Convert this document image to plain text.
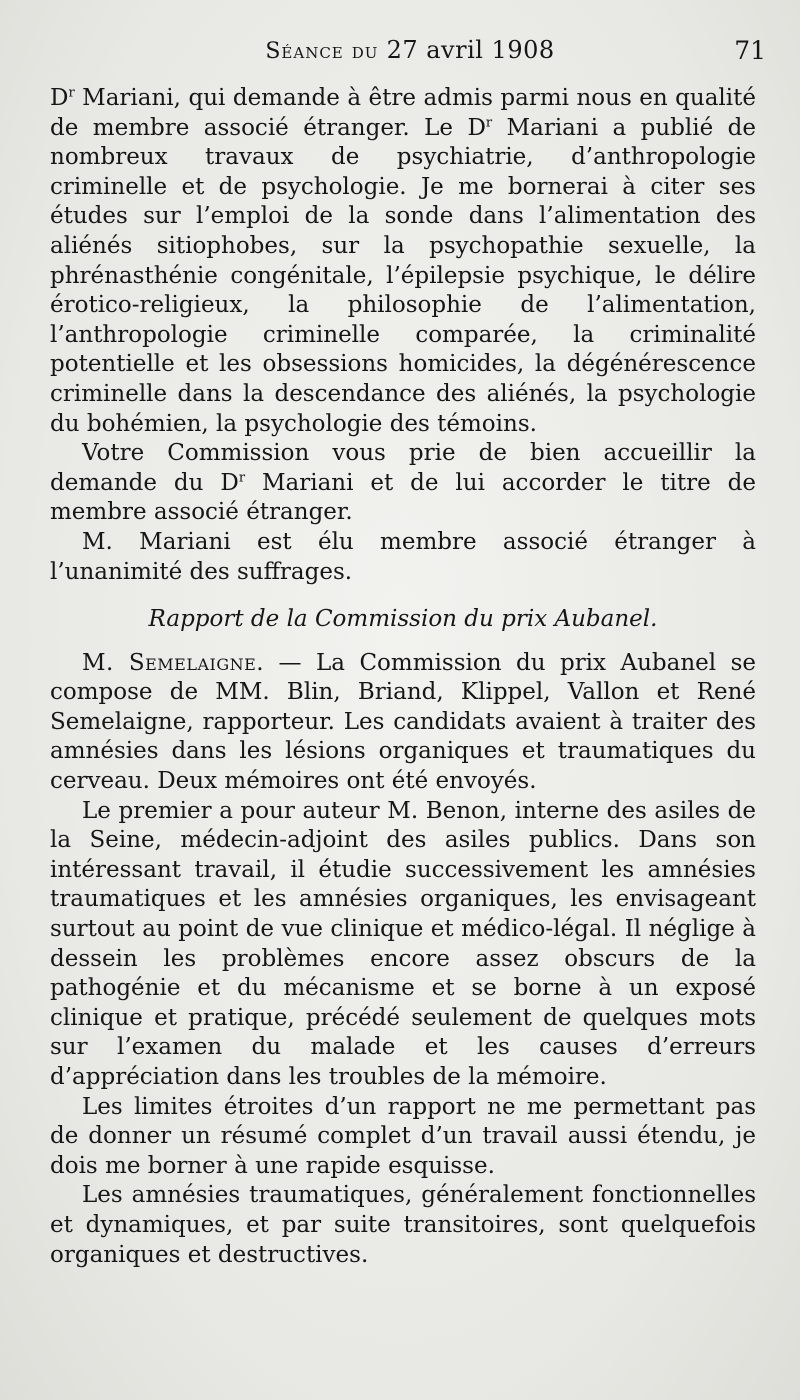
Séance du 27 avril 1908	71

$D^r$ Mariani, qui demande à être admis parmi nous en qualité de membre associé étranger. Le $D^r$ Mariani a publié de nombreux travaux de psychiatrie, d’anthropologie criminelle et de psychologie. Je me bornerai à citer ses études sur l’emploi de la sonde dans l’alimentation des aliénés sitiophobes, sur la psychopathie sexuelle, la phrénasthénie congénitale, l’épilepsie psychique, le délire érotico-religieux, la philosophie de l’alimentation, l’anthropologie criminelle comparée, la criminalité potentielle et les obsessions homicides, la dégénérescence criminelle dans la descendance des aliénés, la psychologie du bohémien, la psychologie des témoins.

Votre Commission vous prie de bien accueillir la demande du $D^r$ Mariani et de lui accorder le titre de membre associé étranger.

M. Mariani est élu membre associé étranger à l’unanimité des suffrages.

Rapport de la Commission du prix Aubanel.

M. Semelaigne. — La Commission du prix Aubanel se compose de MM. Blin, Briand, Klippel, Vallon et René Semelaigne, rapporteur. Les candidats avaient à traiter des amnésies dans les lésions organiques et traumatiques du cerveau. Deux mémoires ont été envoyés.

Le premier a pour auteur M. Benon, interne des asiles de la Seine, médecin-adjoint des asiles publics. Dans son intéressant travail, il étudie successivement les amnésies traumatiques et les amnésies organiques, les envisageant surtout au point de vue clinique et médico-légal. Il néglige à dessein les problèmes encore assez obscurs de la pathogénie et du mécanisme et se borne à un exposé clinique et pratique, précédé seulement de quelques mots sur l’examen du malade et les causes d’erreurs d’appréciation dans les troubles de la mémoire.

Les limites étroites d’un rapport ne me permettant pas de donner un résumé complet d’un travail aussi étendu, je dois me borner à une rapide esquisse.

Les amnésies traumatiques, généralement fonctionnelles et dynamiques, et par suite transitoires, sont quelquefois organiques et destructives.
